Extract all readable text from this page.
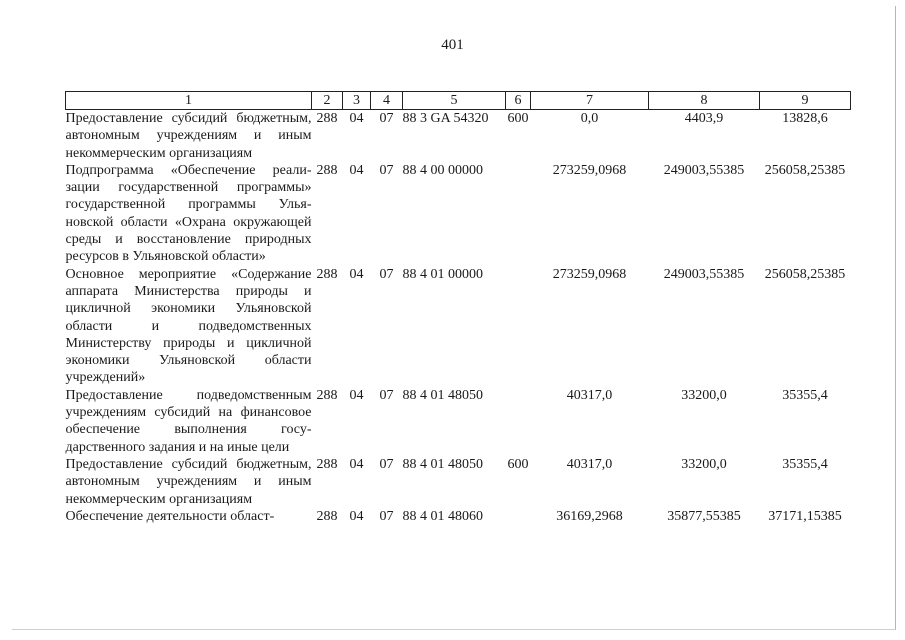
401
1	2	3	4	5	6	7	8	9
Предоставление субсидий бюджетным, автономным учреждениям и иным некоммерческим организациям	288	04	07	88 3 GA 54320	600	0,0	4403,9	13828,6
Подпрограмма «Обеспечение реализации государственной программы» государственной программы Ульяновской области «Охрана окружающей среды и восстановление природных ресурсов в Ульяновской области»	288	04	07	88 4 00 00000		273259,0968	249003,55385	256058,25385
Основное мероприятие «Содержание аппарата Министерства природы и цикличной экономики Ульяновской области и подведомственных Министерству природы и цикличной экономики Ульяновской области учреждений»	288	04	07	88 4 01 00000		273259,0968	249003,55385	256058,25385
Предоставление подведомственным учреждениям субсидий на финансовое обеспечение выполнения государственного задания и на иные цели	288	04	07	88 4 01 48050		40317,0	33200,0	35355,4
Предоставление субсидий бюджетным, автономным учреждениям и иным некоммерческим организациям	288	04	07	88 4 01 48050	600	40317,0	33200,0	35355,4
Обеспечение деятельности област-	288	04	07	88 4 01 48060		36169,2968	35877,55385	37171,15385
